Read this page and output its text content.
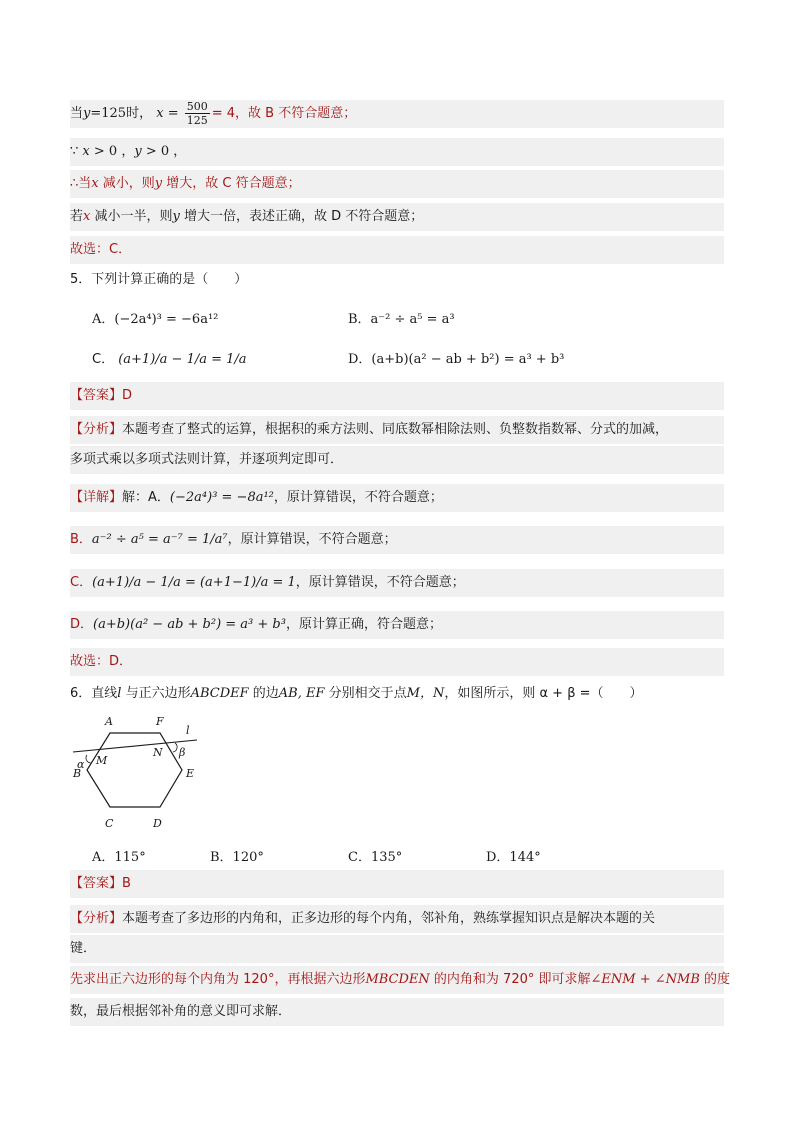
当y=125时， $x = \frac{500}{125} = 4$，故 B 不符合题意；
∵ x > 0 ，y > 0 ，
∴当x 减小，则y 增大，故 C 符合题意；
若x 减小一半，则y 增大一倍，表述正确，故 D 不符合题意；
故选：C．
5．下列计算正确的是（　　）
A．(−2a⁴)³ = −6a¹²	B．a⁻² ÷ a⁵ = a³
C． (a+1)/a − 1/a = 1/a	D．(a+b)(a² − ab + b²) = a³ + b³
【答案】D
【分析】本题考查了整式的运算，根据积的乘方法则、同底数幂相除法则、负整数指数幂、分式的加减，
多项式乘以多项式法则计算，并逐项判定即可．
【详解】解：A．(−2a⁴)³ = −8a¹²，原计算错误，不符合题意；
B．a⁻² ÷ a⁵ = a⁻⁷ = 1/a⁷，原计算错误，不符合题意；
C．(a+1)/a − 1/a = (a+1−1)/a = 1，原计算错误，不符合题意；
D．(a+b)(a² − ab + b²) = a³ + b³，原计算正确，符合题意；
故选：D．
6．直线l 与正六边形ABCDEF 的边AB, EF 分别相交于点M，N，如图所示，则 α + β =（　　）
A	F
l
M
N
α
β
B	E
C	D
A．115°	B．120°	C．135°	D．144°
【答案】B
【分析】本题考查了多边形的内角和，正多边形的每个内角，邻补角，熟练掌握知识点是解决本题的关
键．
先求出正六边形的每个内角为 120°，再根据六边形MBCDEN 的内角和为 720° 即可求解∠ENM + ∠NMB 的度
数，最后根据邻补角的意义即可求解．
